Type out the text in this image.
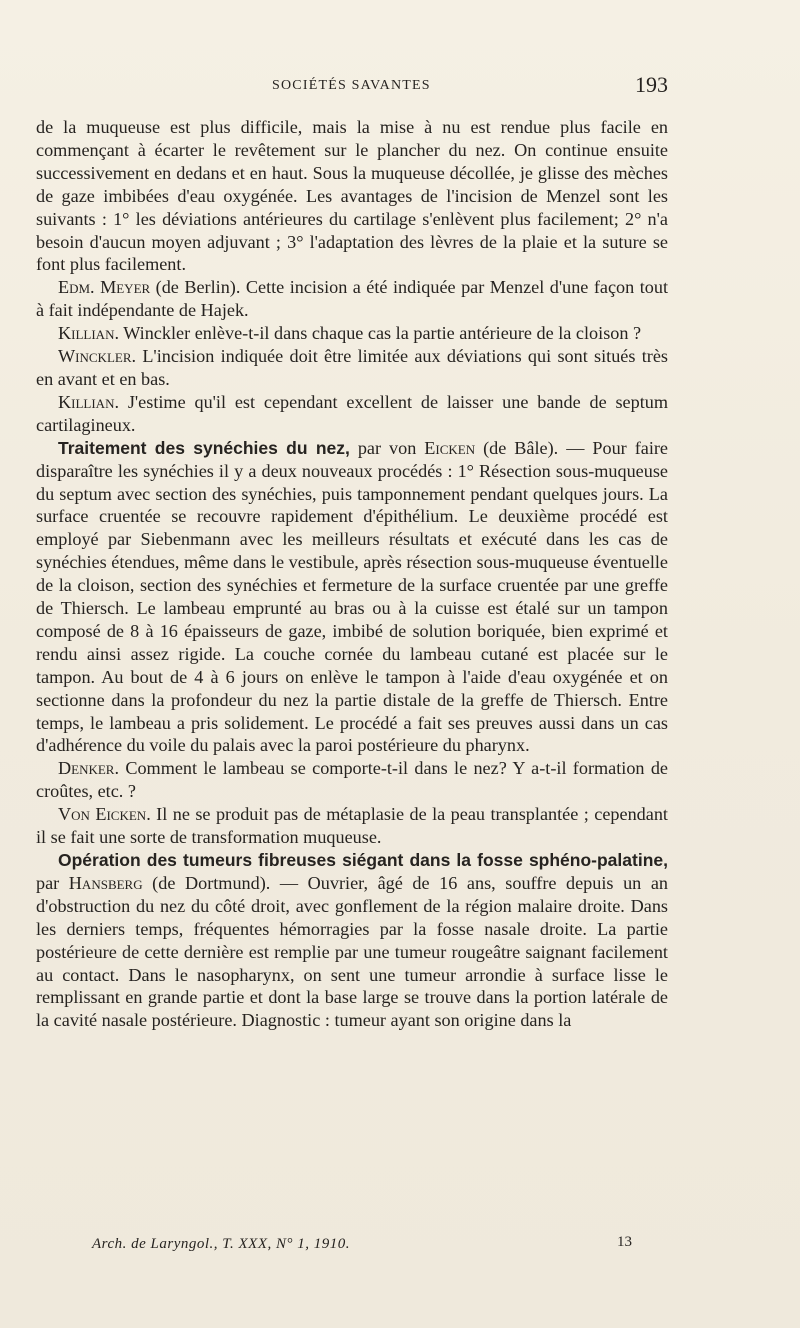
SOCIÉTÉS SAVANTES	193

de la muqueuse est plus difficile, mais la mise à nu est rendue plus facile en commençant à écarter le revêtement sur le plancher du nez. On continue ensuite successivement en dedans et en haut. Sous la muqueuse décollée, je glisse des mèches de gaze imbibées d'eau oxygénée. Les avantages de l'incision de Menzel sont les suivants : 1° les déviations antérieures du cartilage s'enlèvent plus facilement; 2° n'a besoin d'aucun moyen adjuvant ; 3° l'adaptation des lèvres de la plaie et la suture se font plus facilement.

Edm. Meyer (de Berlin). Cette incision a été indiquée par Menzel d'une façon tout à fait indépendante de Hajek.

Killian. Winckler enlève-t-il dans chaque cas la partie antérieure de la cloison ?

Winckler. L'incision indiquée doit être limitée aux déviations qui sont situés très en avant et en bas.

Killian. J'estime qu'il est cependant excellent de laisser une bande de septum cartilagineux.

Traitement des synéchies du nez, par von Eicken (de Bâle). — Pour faire disparaître les synéchies il y a deux nouveaux procédés : 1° Résection sous-muqueuse du septum avec section des synéchies, puis tamponnement pendant quelques jours. La surface cruentée se recouvre rapidement d'épithélium. Le deuxième procédé est employé par Siebenmann avec les meilleurs résultats et exécuté dans les cas de synéchies étendues, même dans le vestibule, après résection sous-muqueuse éventuelle de la cloison, section des synéchies et fermeture de la surface cruentée par une greffe de Thiersch. Le lambeau emprunté au bras ou à la cuisse est étalé sur un tampon composé de 8 à 16 épaisseurs de gaze, imbibé de solution boriquée, bien exprimé et rendu ainsi assez rigide. La couche cornée du lambeau cutané est placée sur le tampon. Au bout de 4 à 6 jours on enlève le tampon à l'aide d'eau oxygénée et on sectionne dans la profondeur du nez la partie distale de la greffe de Thiersch. Entre temps, le lambeau a pris solidement. Le procédé a fait ses preuves aussi dans un cas d'adhérence du voile du palais avec la paroi postérieure du pharynx.

Denker. Comment le lambeau se comporte-t-il dans le nez? Y a-t-il formation de croûtes, etc. ?

Von Eicken. Il ne se produit pas de métaplasie de la peau transplantée ; cependant il se fait une sorte de transformation muqueuse.

Opération des tumeurs fibreuses siégant dans la fosse sphéno-palatine, par Hansberg (de Dortmund). — Ouvrier, âgé de 16 ans, souffre depuis un an d'obstruction du nez du côté droit, avec gonflement de la région malaire droite. Dans les derniers temps, fréquentes hémorragies par la fosse nasale droite. La partie postérieure de cette dernière est remplie par une tumeur rougeâtre saignant facilement au contact. Dans le nasopharynx, on sent une tumeur arrondie à surface lisse le remplissant en grande partie et dont la base large se trouve dans la portion latérale de la cavité nasale postérieure. Diagnostic : tumeur ayant son origine dans la

Arch. de Laryngol., T. XXX, N° 1, 1910.	13
